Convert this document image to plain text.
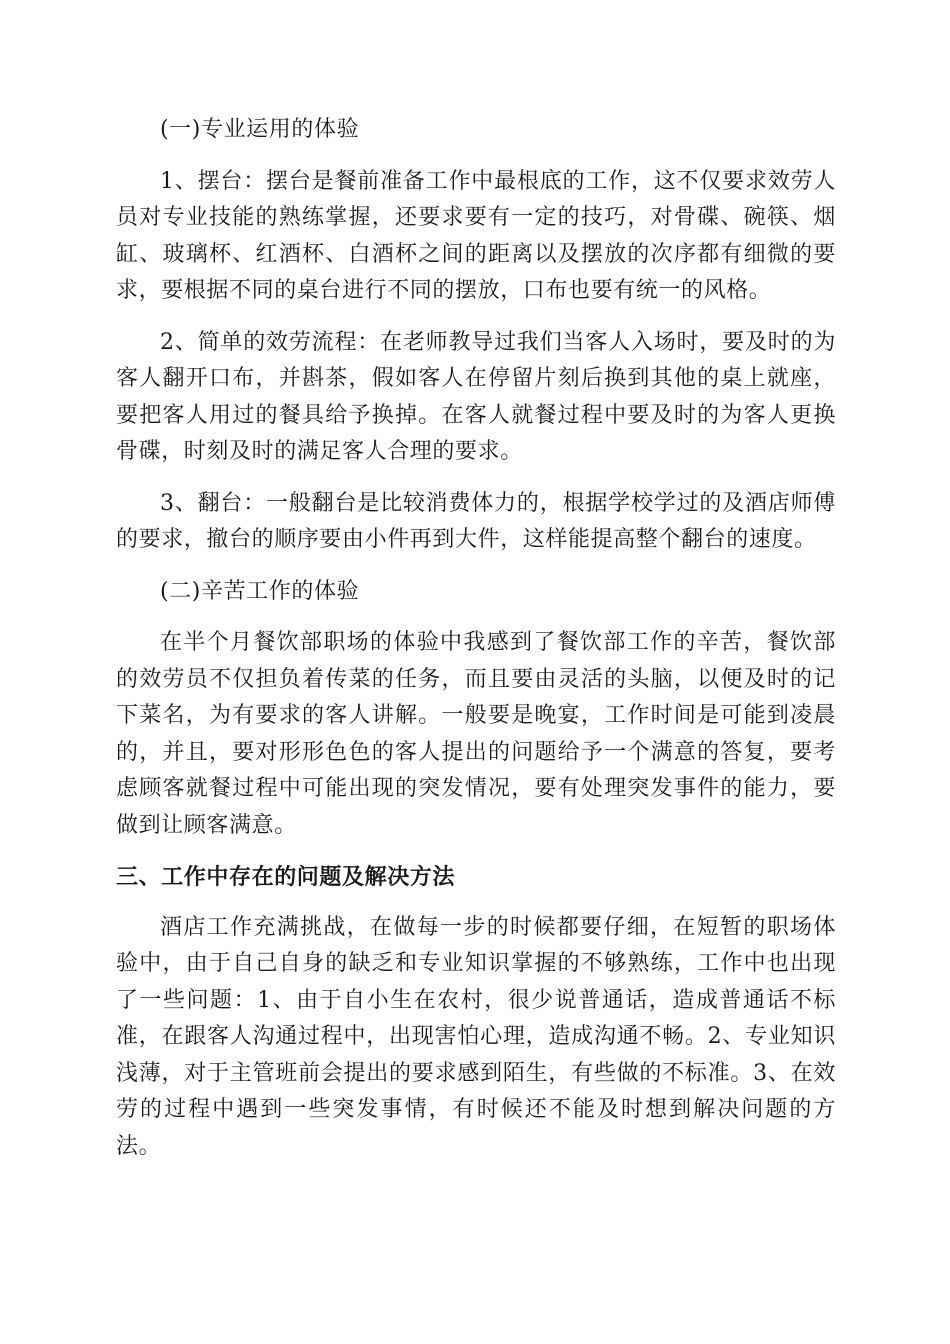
(一)专业运用的体验

1、摆台：摆台是餐前准备工作中最根底的工作，这不仅要求效劳人员对专业技能的熟练掌握，还要求要有一定的技巧，对骨碟、碗筷、烟缸、玻璃杯、红酒杯、白酒杯之间的距离以及摆放的次序都有细微的要求，要根据不同的桌台进行不同的摆放，口布也要有统一的风格。

2、简单的效劳流程：在老师教导过我们当客人入场时，要及时的为客人翻开口布，并斟茶，假如客人在停留片刻后换到其他的桌上就座，要把客人用过的餐具给予换掉。在客人就餐过程中要及时的为客人更换骨碟，时刻及时的满足客人合理的要求。

3、翻台：一般翻台是比较消费体力的，根据学校学过的及酒店师傅的要求，撤台的顺序要由小件再到大件，这样能提高整个翻台的速度。

(二)辛苦工作的体验

在半个月餐饮部职场的体验中我感到了餐饮部工作的辛苦，餐饮部的效劳员不仅担负着传菜的任务，而且要由灵活的头脑，以便及时的记下菜名，为有要求的客人讲解。一般要是晚宴，工作时间是可能到凌晨的，并且，要对形形色色的客人提出的问题给予一个满意的答复，要考虑顾客就餐过程中可能出现的突发情况，要有处理突发事件的能力，要做到让顾客满意。

三、工作中存在的问题及解决方法

酒店工作充满挑战，在做每一步的时候都要仔细，在短暂的职场体验中，由于自己自身的缺乏和专业知识掌握的不够熟练，工作中也出现了一些问题：1、由于自小生在农村，很少说普通话，造成普通话不标准，在跟客人沟通过程中，出现害怕心理，造成沟通不畅。2、专业知识浅薄，对于主管班前会提出的要求感到陌生，有些做的不标准。3、在效劳的过程中遇到一些突发事情，有时候还不能及时想到解决问题的方法。
